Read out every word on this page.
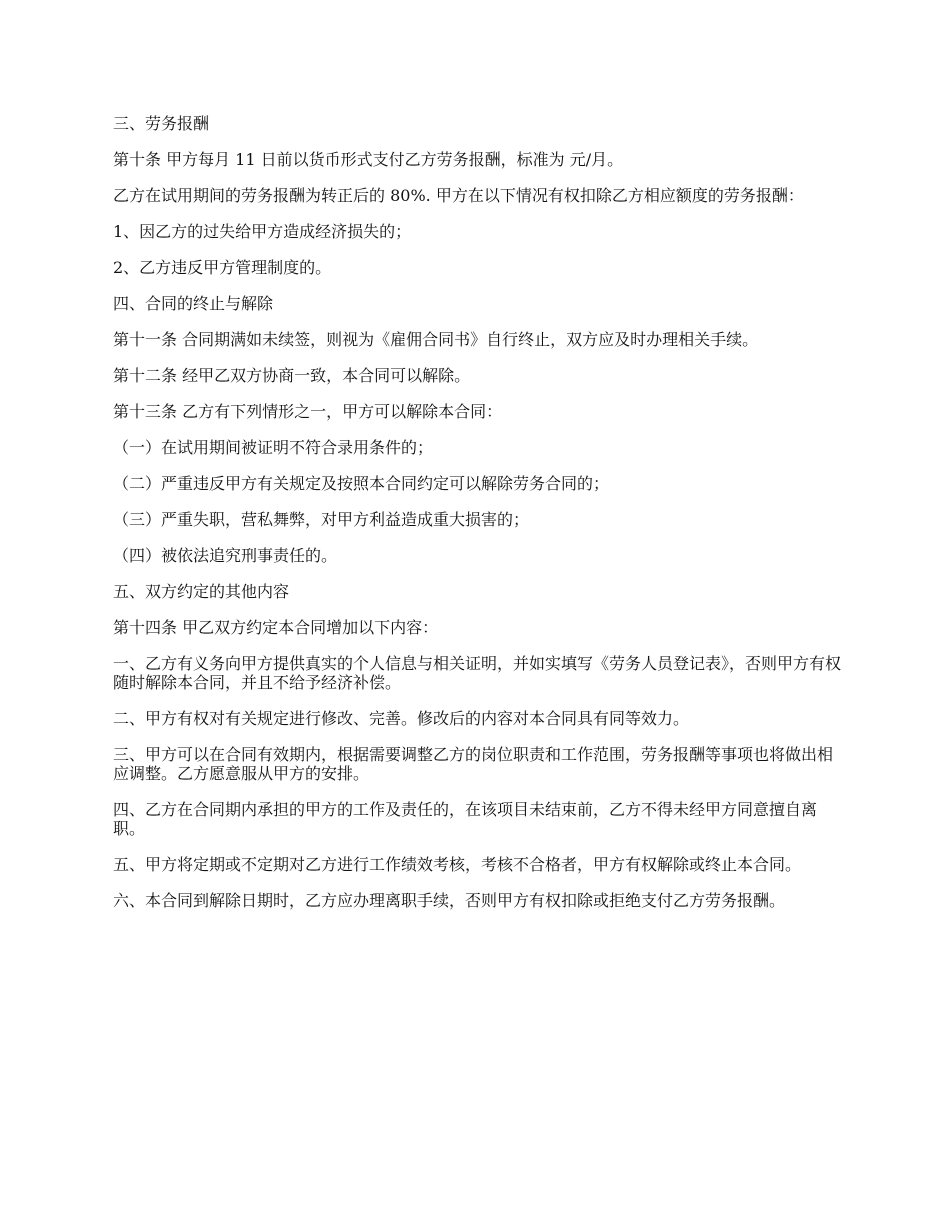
三、劳务报酬

第十条 甲方每月 11 日前以货币形式支付乙方劳务报酬，标准为 元/月。

乙方在试用期间的劳务报酬为转正后的 80%. 甲方在以下情况有权扣除乙方相应额度的劳务报酬：

1、因乙方的过失给甲方造成经济损失的；

2、乙方违反甲方管理制度的。

四、合同的终止与解除

第十一条 合同期满如未续签，则视为《雇佣合同书》自行终止，双方应及时办理相关手续。

第十二条 经甲乙双方协商一致，本合同可以解除。

第十三条 乙方有下列情形之一，甲方可以解除本合同：

（一）在试用期间被证明不符合录用条件的；

（二）严重违反甲方有关规定及按照本合同约定可以解除劳务合同的；

（三）严重失职，营私舞弊，对甲方利益造成重大损害的；

（四）被依法追究刑事责任的。

五、双方约定的其他内容

第十四条 甲乙双方约定本合同增加以下内容：

一、乙方有义务向甲方提供真实的个人信息与相关证明，并如实填写《劳务人员登记表》，否则甲方有权随时解除本合同，并且不给予经济补偿。

二、甲方有权对有关规定进行修改、完善。修改后的内容对本合同具有同等效力。

三、甲方可以在合同有效期内，根据需要调整乙方的岗位职责和工作范围，劳务报酬等事项也将做出相应调整。乙方愿意服从甲方的安排。

四、乙方在合同期内承担的甲方的工作及责任的，在该项目未结束前，乙方不得未经甲方同意擅自离职。

五、甲方将定期或不定期对乙方进行工作绩效考核，考核不合格者，甲方有权解除或终止本合同。

六、本合同到解除日期时，乙方应办理离职手续，否则甲方有权扣除或拒绝支付乙方劳务报酬。
